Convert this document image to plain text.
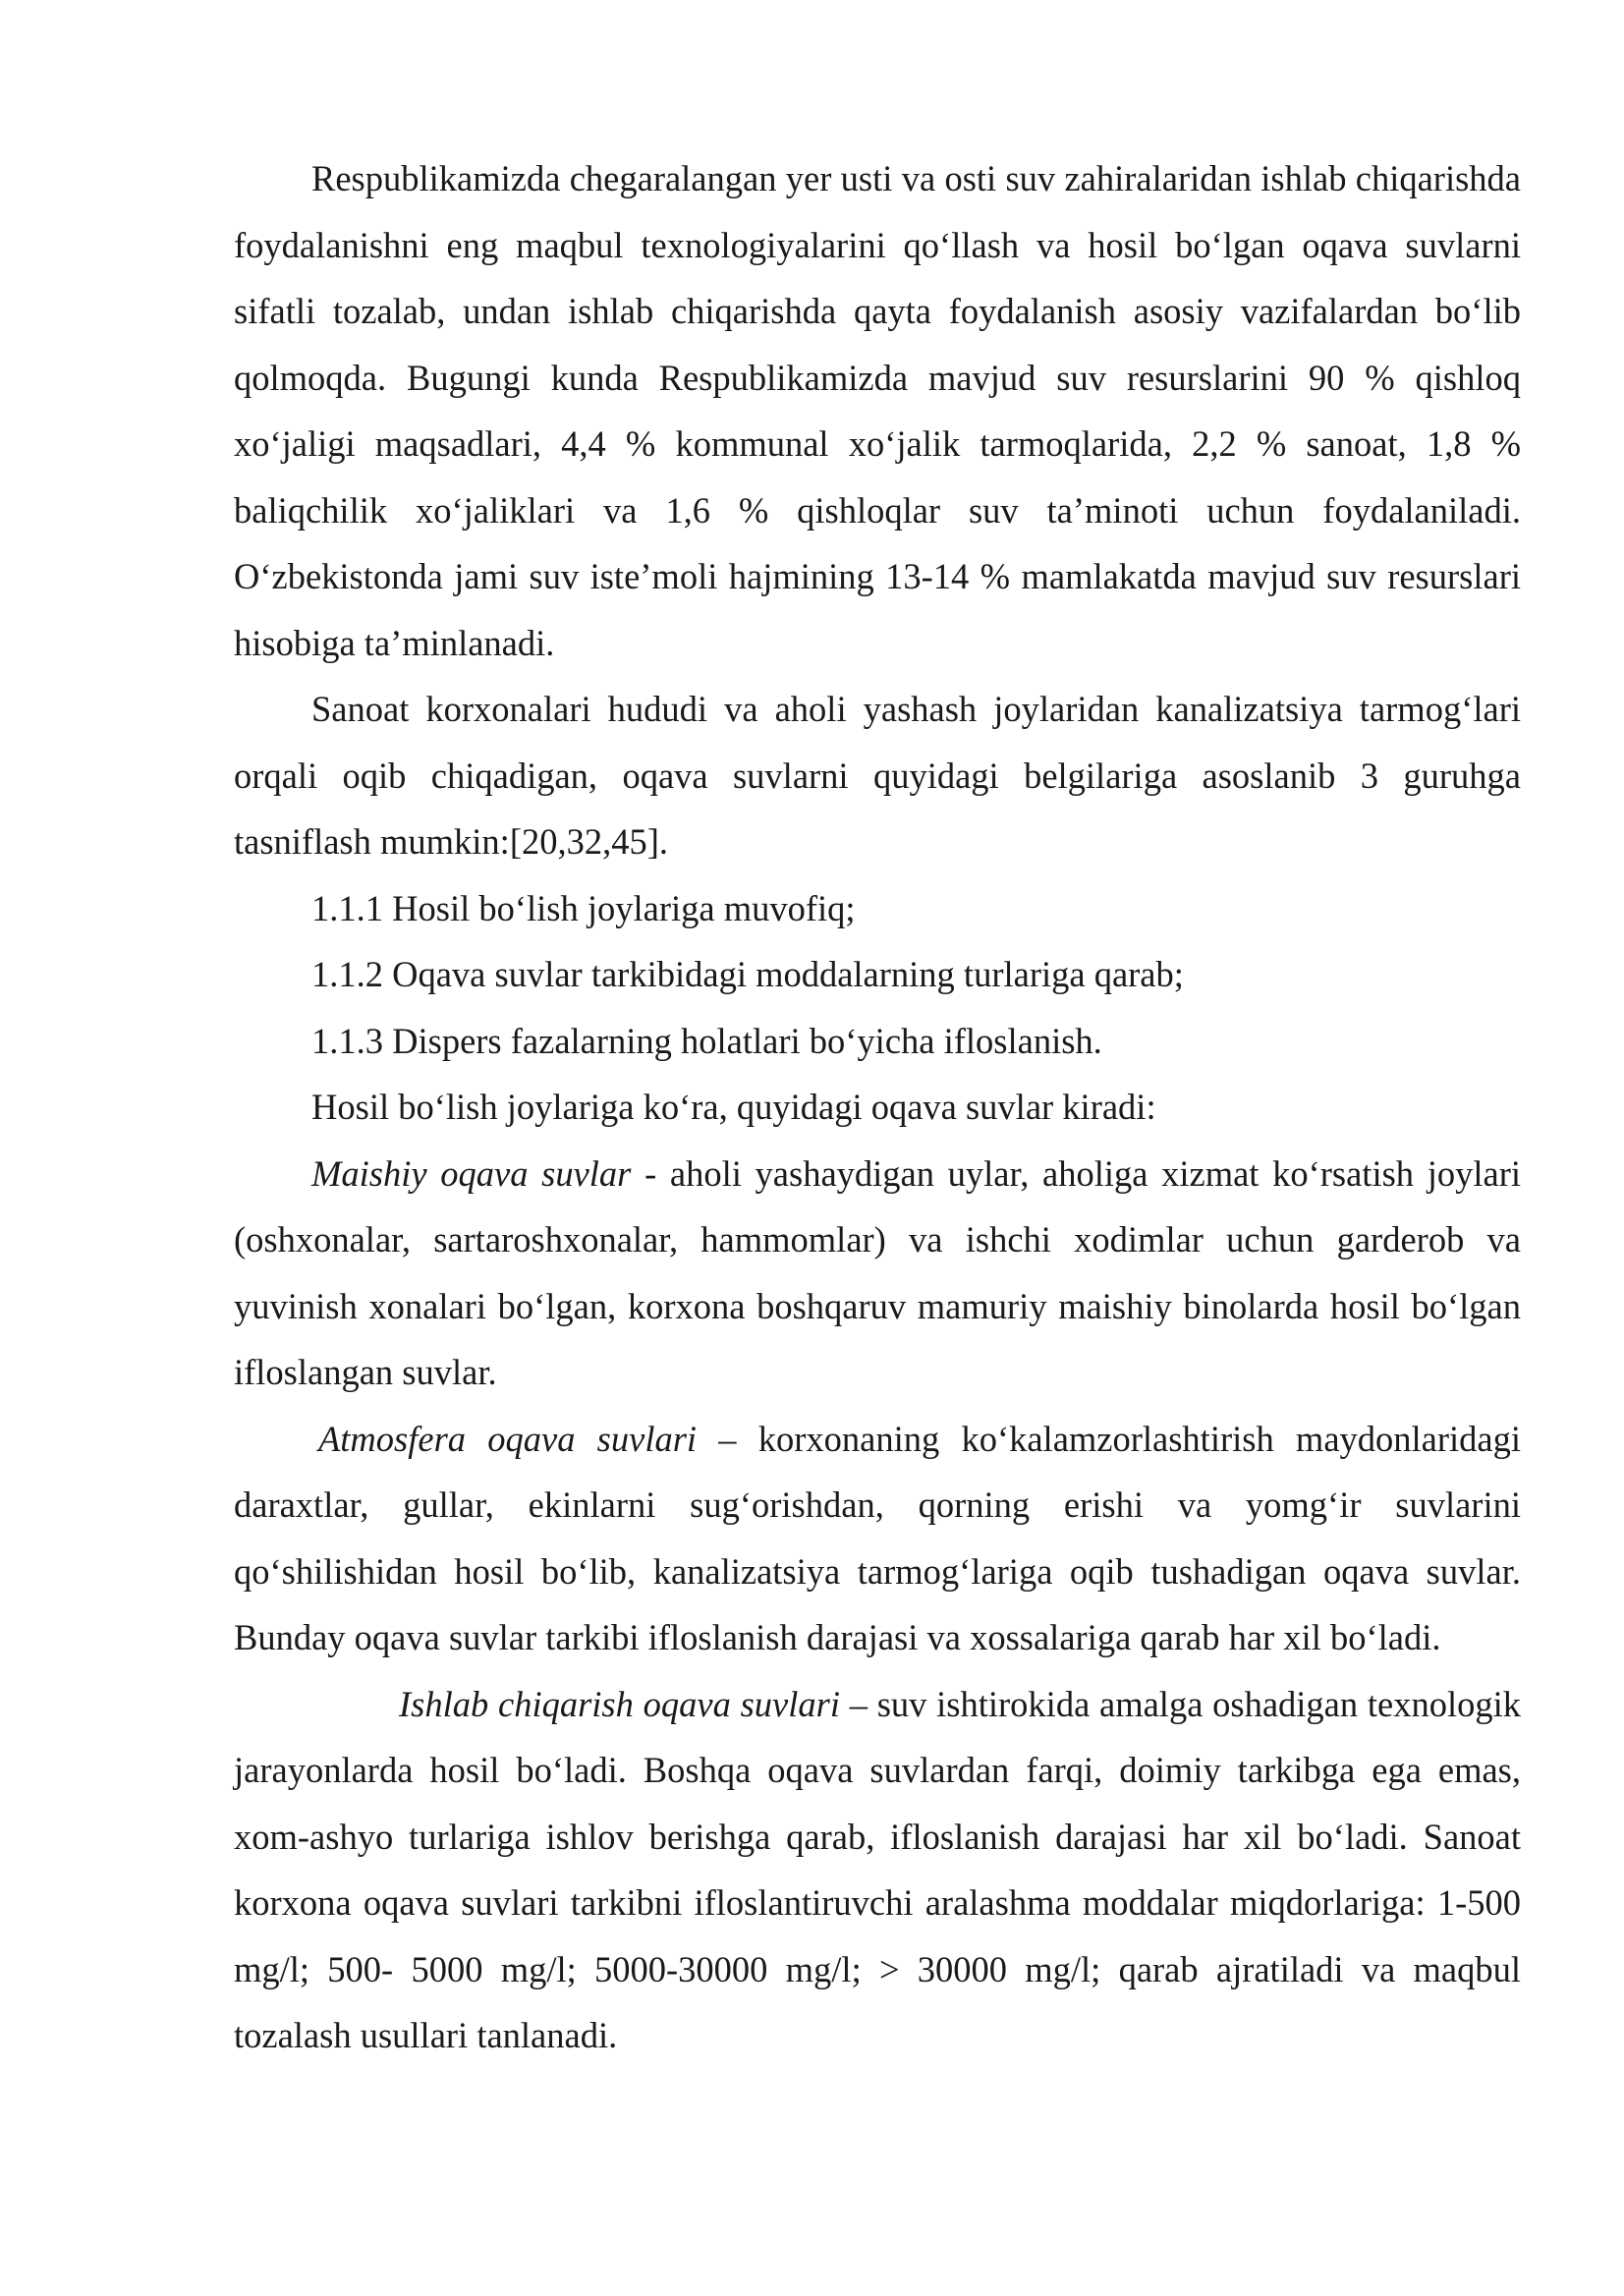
Respublikamizda chegaralangan yer usti va osti suv zahiralaridan ishlab chiqarishda foydalanishni eng maqbul texnologiyalarini qo‘llash va hosil bo‘lgan oqava suvlarni sifatli tozalab, undan ishlab chiqarishda qayta foydalanish asosiy vazifalardan bo‘lib qolmoqda. Bugungi kunda Respublikamizda mavjud suv resurslarini 90 % qishloq xo‘jaligi maqsadlari, 4,4 % kommunal xo‘jalik tarmoqlarida, 2,2 % sanoat, 1,8 % baliqchilik xo‘jaliklari va 1,6 % qishloqlar suv ta’minoti uchun foydalaniladi. O‘zbekistonda jami suv iste’moli hajmining 13-14 % mamlakatda mavjud suv resurslari hisobiga ta’minlanadi.

Sanoat korxonalari hududi va aholi yashash joylaridan kanalizatsiya tarmog‘lari orqali oqib chiqadigan, oqava suvlarni quyidagi belgilariga asoslanib 3 guruhga tasniflash mumkin:[20,32,45].

1.1.1 Hosil bo‘lish joylariga muvofiq;

1.1.2 Oqava suvlar tarkibidagi moddalarning turlariga qarab;

1.1.3 Dispers fazalarning holatlari bo‘yicha ifloslanish.

Hosil bo‘lish joylariga ko‘ra, quyidagi oqava suvlar kiradi:

Maishiy oqava suvlar - aholi yashaydigan uylar, aholiga xizmat ko‘rsatish joylari (oshxonalar, sartaroshxonalar, hammomlar) va ishchi xodimlar uchun garderob va yuvinish xonalari bo‘lgan, korxona boshqaruv mamuriy maishiy binolarda hosil bo‘lgan ifloslangan suvlar.

Atmosfera oqava suvlari – korxonaning ko‘kalamzorlashtirish maydonlaridagi daraxtlar, gullar, ekinlarni sug‘orishdan, qorning erishi va yomg‘ir suvlarini qo‘shilishidan hosil bo‘lib, kanalizatsiya tarmog‘lariga oqib tushadigan oqava suvlar. Bunday oqava suvlar tarkibi ifloslanish darajasi va xossalariga qarab har xil bo‘ladi.

Ishlab chiqarish oqava suvlari – suv ishtirokida amalga oshadigan texnologik jarayonlarda hosil bo‘ladi. Boshqa oqava suvlardan farqi, doimiy tarkibga ega emas, xom-ashyo turlariga ishlov berishga qarab, ifloslanish darajasi har xil bo‘ladi. Sanoat korxona oqava suvlari tarkibni ifloslantiruvchi aralashma moddalar miqdorlariga: 1-500 mg/l; 500- 5000 mg/l; 5000-30000 mg/l; > 30000 mg/l; qarab ajratiladi va maqbul tozalash usullari tanlanadi.
